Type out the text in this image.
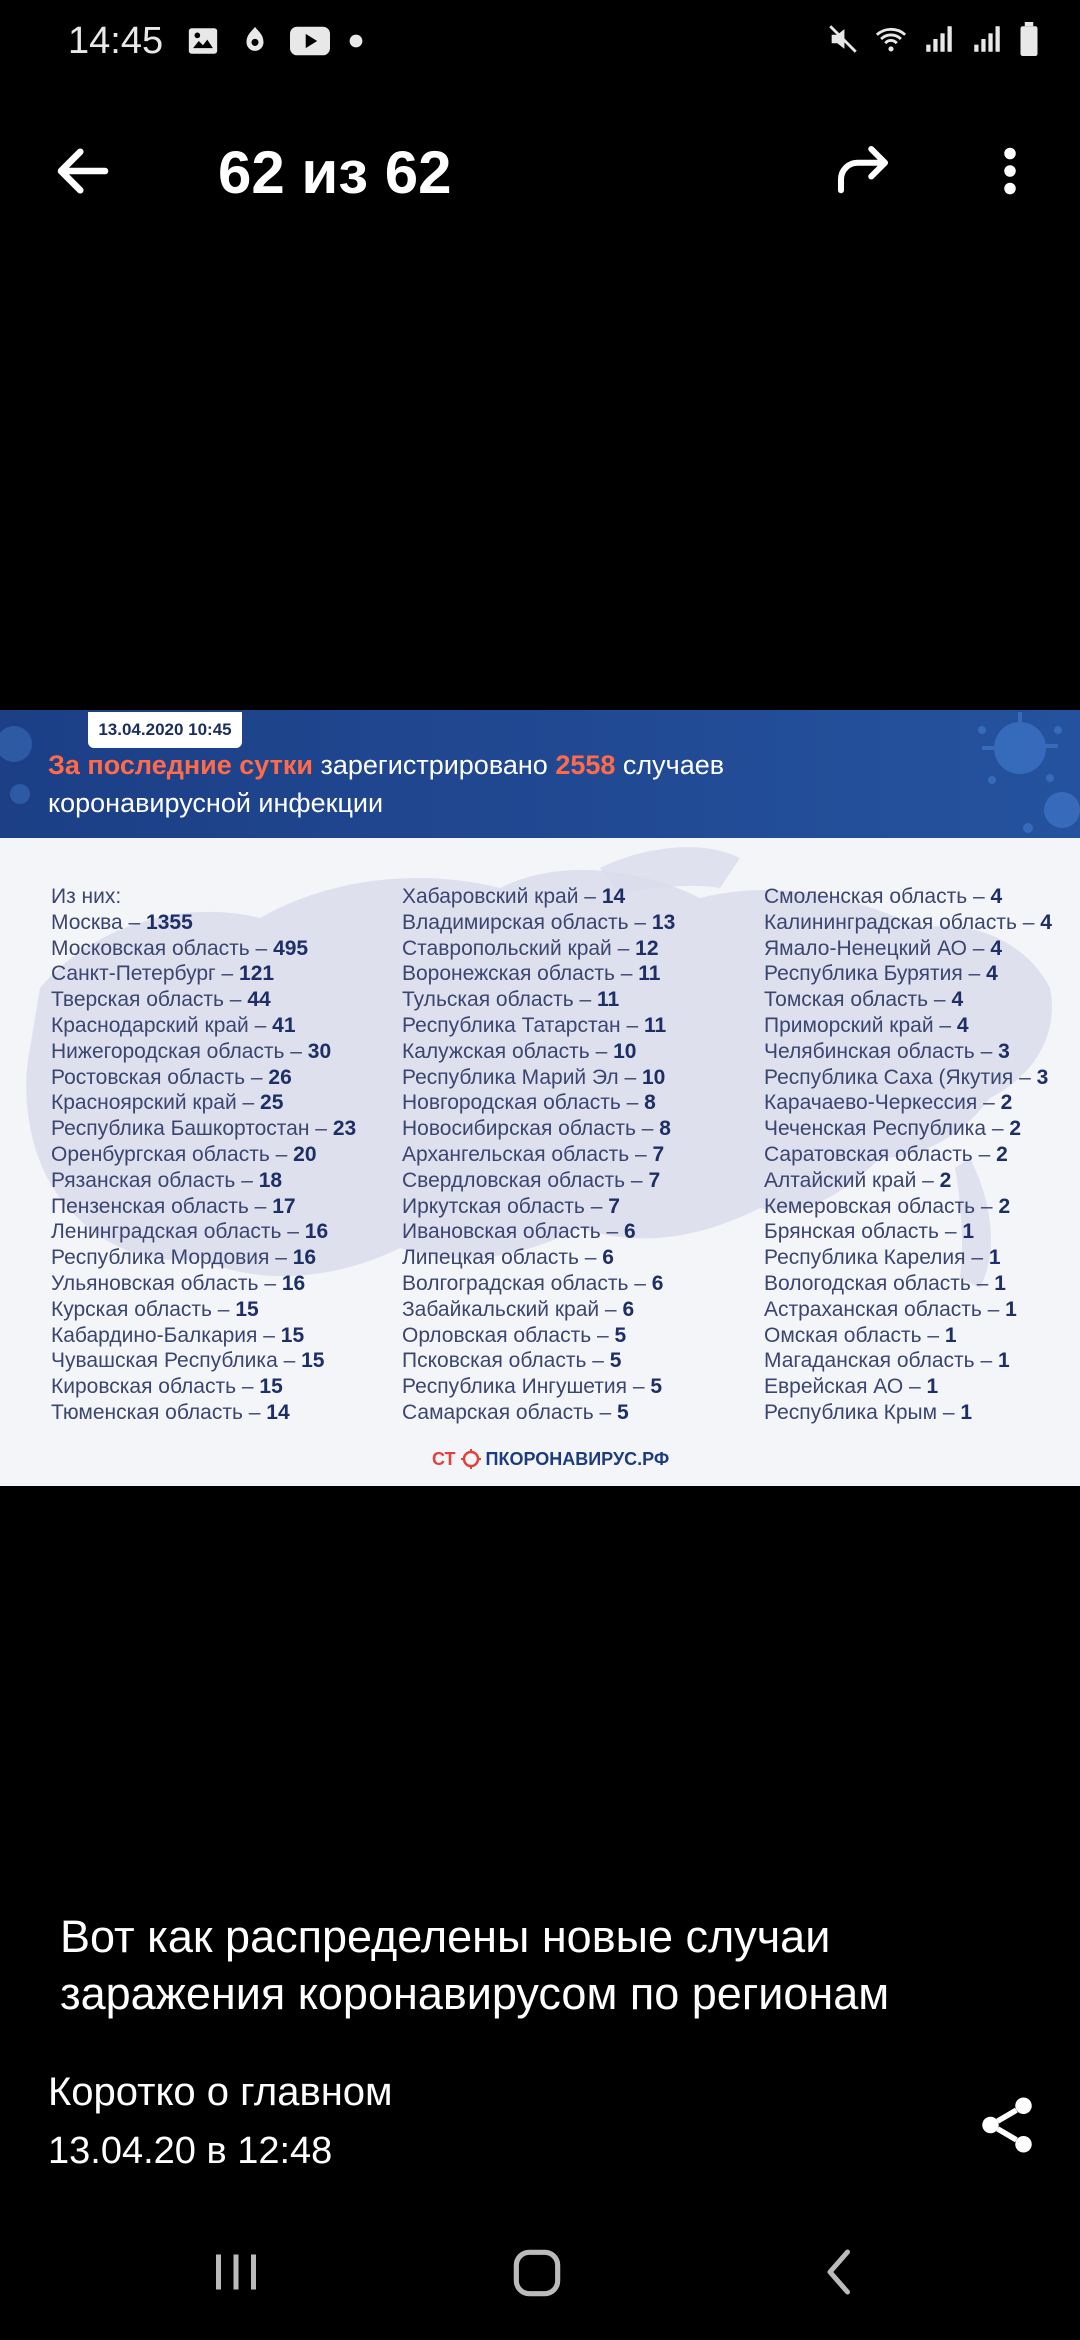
14:45
62 из 62
13.04.2020 10:45
За последние сутки зарегистрировано 2558 случаев
коронавирусной инфекции
Из них:
Москва – 1355
Московская область – 495
Санкт-Петербург – 121
Тверская область – 44
Краснодарский край – 41
Нижегородская область – 30
Ростовская область – 26
Красноярский край – 25
Республика Башкортостан – 23
Оренбургская область – 20
Рязанская область – 18
Пензенская область – 17
Ленинградская область – 16
Республика Мордовия – 16
Ульяновская область – 16
Курская область – 15
Кабардино-Балкария – 15
Чувашская Республика – 15
Кировская область – 15
Тюменская область – 14
Хабаровский край – 14
Владимирская область – 13
Ставропольский край – 12
Воронежская область – 11
Тульская область – 11
Республика Татарстан – 11
Калужская область – 10
Республика Марий Эл – 10
Новгородская область – 8
Новосибирская область – 8
Архангельская область – 7
Свердловская область – 7
Иркутская область – 7
Ивановская область – 6
Липецкая область – 6
Волгоградская область – 6
Забайкальский край – 6
Орловская область – 5
Псковская область – 5
Республика Ингушетия – 5
Самарская область – 5
Смоленская область – 4
Калининградская область – 4
Ямало-Ненецкий АО – 4
Республика Бурятия – 4
Томская область – 4
Приморский край – 4
Челябинская область – 3
Республика Саха (Якутия – 3
Карачаево-Черкессия – 2
Чеченская Республика – 2
Саратовская область – 2
Алтайский край – 2
Кемеровская область – 2
Брянская область – 1
Республика Карелия – 1
Вологодская область – 1
Астраханская область – 1
Омская область – 1
Магаданская область – 1
Еврейская АО – 1
Республика Крым – 1
СТ ПКОРОНАВИРУС.РФ
Вот как распределены новые случаи заражения коронавирусом по регионам
Коротко о главном
13.04.20 в 12:48
